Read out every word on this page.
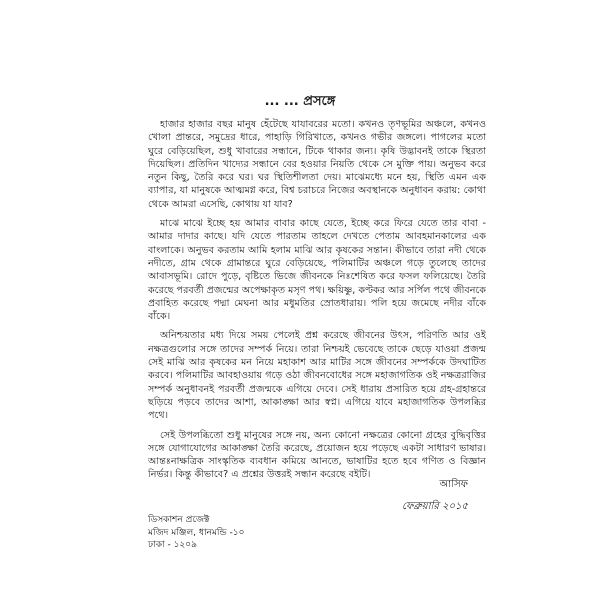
... ... প্রসঙ্গে

হাজার হাজার বছর মানুষ হেঁটেছে যাযাবরের মতো। কখনও তৃণভূমির অঞ্চলে, কখনও খোলা প্রান্তরে, সমুদ্রের ধারে, পাহাড়ি গিরিখাতে, কখনও গভীর জঙ্গলে। পাগলের মতো ঘুরে বেড়িয়েছিল, শুধু খাবারের সন্ধানে, টিকে থাকার জন্য। কৃষি উদ্ভাবনই তাকে স্থিরতা দিয়েছিল। প্রতিদিন খাদ্যের সন্ধানে বের হওয়ার নিয়তি থেকে সে মুক্তি পায়। অনুভব করে নতুন কিছু, তৈরি করে ঘর। ঘর স্থিতিশীলতা দেয়। মাঝেমধ্যে মনে হয়, স্থিতি এমন এক ব্যাপার, যা মানুষকে আত্মমগ্ন করে, বিশ্ব চরাচরে নিজের অবস্থানকে অনুধাবন করায়: কোথা থেকে আমরা এসেছি, কোথায় যা যাব?

মাঝে মাঝে ইচ্ছে হয় আমার বাবার কাছে যেতে, ইচ্ছে করে ফিরে যেতে তার বাবা - আমার দাদার কাছে। যদি যেতে পারতাম তাহলে দেখতে পেতাম আবহমানকালের এক বাংলাকে। অনুভব করতাম আমি হলাম মাঝি আর কৃষকের সন্তান। কীভাবে তারা নদী থেকে নদীতে, গ্রাম থেকে গ্রামান্তরে ঘুরে বেড়িয়েছে, পলিমাটির অঞ্চলে গড়ে তুলেছে তাদের আবাসভূমি। রোদে পুড়ে, বৃষ্টিতে ভিজে জীবনকে নিঃশেষিত করে ফসল ফলিয়েছে। তৈরি করেছে পরবর্তী প্রজন্মের অপেক্ষাকৃত মসৃণ পথ। ক্ষয়িষ্ণু, কণ্টকর আর সর্পিল পথে জীবনকে প্রবাহিত করেছে পদ্মা মেঘনা আর মধুমতির স্রোতধারায়। পলি হয়ে জমেছে নদীর বাঁকে বাঁকে।

অনিশ্চয়তার মধ্য দিয়ে সময় পেলেই প্রশ্ন করেছে জীবনের উৎস, পরিণতি আর ওই নক্ষত্রগুলোর সঙ্গে তাদের সম্পর্ক নিয়ে। তারা নিশ্চয়ই ভেবেছে তাকে ছেড়ে যাওয়া প্রজন্ম সেই মাঝি আর কৃষকের মন নিয়ে মহাকাশ আর মাটির সঙ্গে জীবনের সম্পর্ককে উদঘাটিত করবে। পলিমাটির আবহাওয়ায় গড়ে ওঠা জীবনবোধের সঙ্গে মহাজাগতিক ওই নক্ষত্ররাজির সম্পর্ক অনুধাবনই পরবর্তী প্রজন্মকে এগিয়ে দেবে। সেই ধারায় প্রসারিত হয়ে গ্রহ-গ্রহান্তরে ছড়িয়ে পড়বে তাদের আশা, আকাঙ্ক্ষা আর স্বপ্ন। এগিয়ে যাবে মহাজাগতিক উপলব্ধির পথে।

সেই উপলব্ধিতো শুধু মানুষের সঙ্গে নয়, অন্য কোনো নক্ষত্রের কোনো গ্রহের বুদ্ধিবৃত্তির সঙ্গে যোগাযোগের আকাঙ্ক্ষা তৈরি করেছে, প্রয়োজন হয়ে পড়েছে একটা সাধারণ ভাষার। আন্তঃনাক্ষত্রিক সাংস্কৃতিক ব্যবধান কমিয়ে আনতে, ভাষাটির হতে হবে গণিত ও বিজ্ঞান নির্ভর। কিন্তু কীভাবে? এ প্রশ্নের উত্তরই সন্ধান করেছে বইটি।

আসিফ
ফেব্রুয়ারি ২০১৫
ডিসকাশন প্রজেক্ট
মজিদ মঞ্জিল, ধানমন্ডি -১০
ঢাকা - ১২০৯
